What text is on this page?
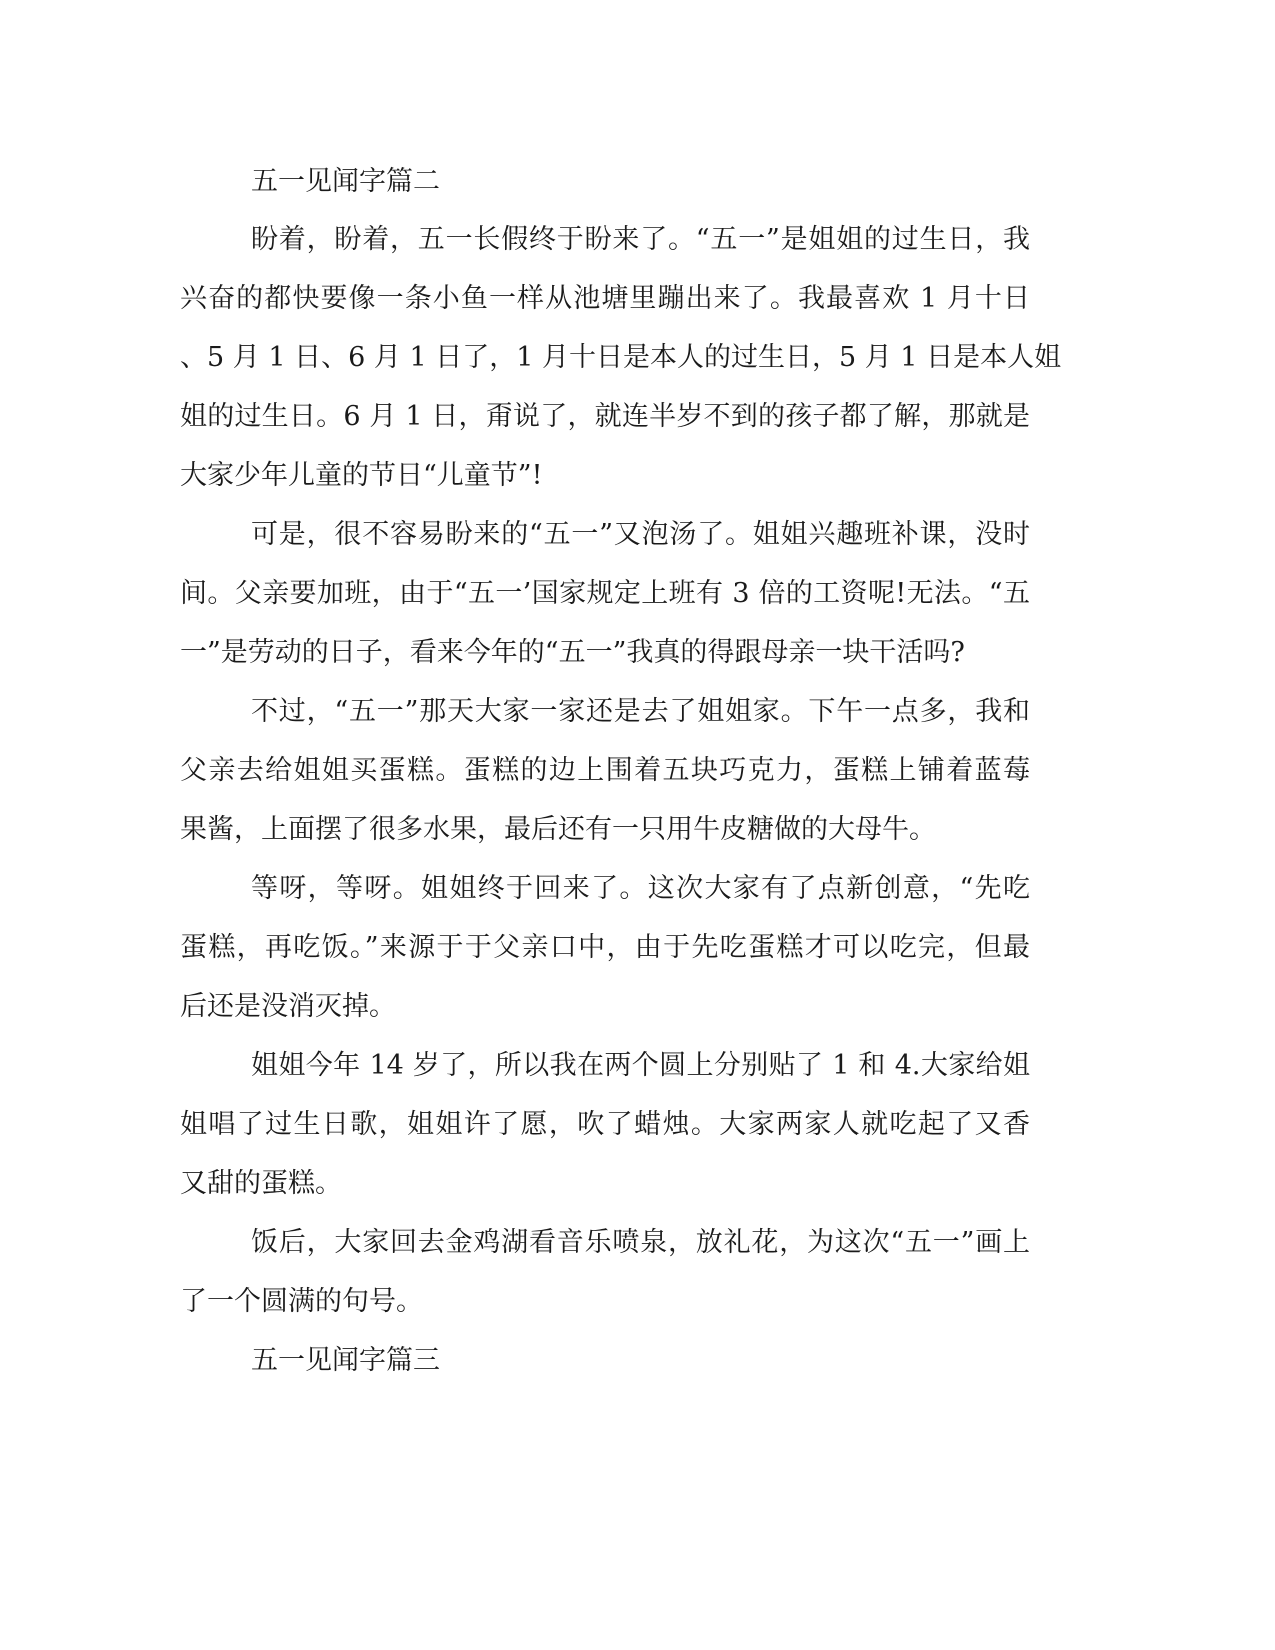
五一见闻字篇二
盼着，盼着，五一长假终于盼来了。“五一”是姐姐的过生日，我
兴奋的都快要像一条小鱼一样从池塘里蹦出来了。我最喜欢 1 月十日
、5 月 1 日、6 月 1 日了，1 月十日是本人的过生日，5 月 1 日是本人姐
姐的过生日。6 月 1 日，甭说了，就连半岁不到的孩子都了解，那就是
大家少年儿童的节日“儿童节”!
可是，很不容易盼来的“五一”又泡汤了。姐姐兴趣班补课，没时
间。父亲要加班，由于“五一’国家规定上班有 3 倍的工资呢!无法。“五
一”是劳动的日子，看来今年的“五一”我真的得跟母亲一块干活吗?
不过，“五一”那天大家一家还是去了姐姐家。下午一点多，我和
父亲去给姐姐买蛋糕。蛋糕的边上围着五块巧克力，蛋糕上铺着蓝莓
果酱，上面摆了很多水果，最后还有一只用牛皮糖做的大母牛。
等呀，等呀。姐姐终于回来了。这次大家有了点新创意，“先吃
蛋糕，再吃饭。”来源于于父亲口中，由于先吃蛋糕才可以吃完，但最
后还是没消灭掉。
姐姐今年 14 岁了，所以我在两个圆上分别贴了 1 和 4.大家给姐
姐唱了过生日歌，姐姐许了愿，吹了蜡烛。大家两家人就吃起了又香
又甜的蛋糕。
饭后，大家回去金鸡湖看音乐喷泉，放礼花，为这次“五一”画上
了一个圆满的句号。
五一见闻字篇三
